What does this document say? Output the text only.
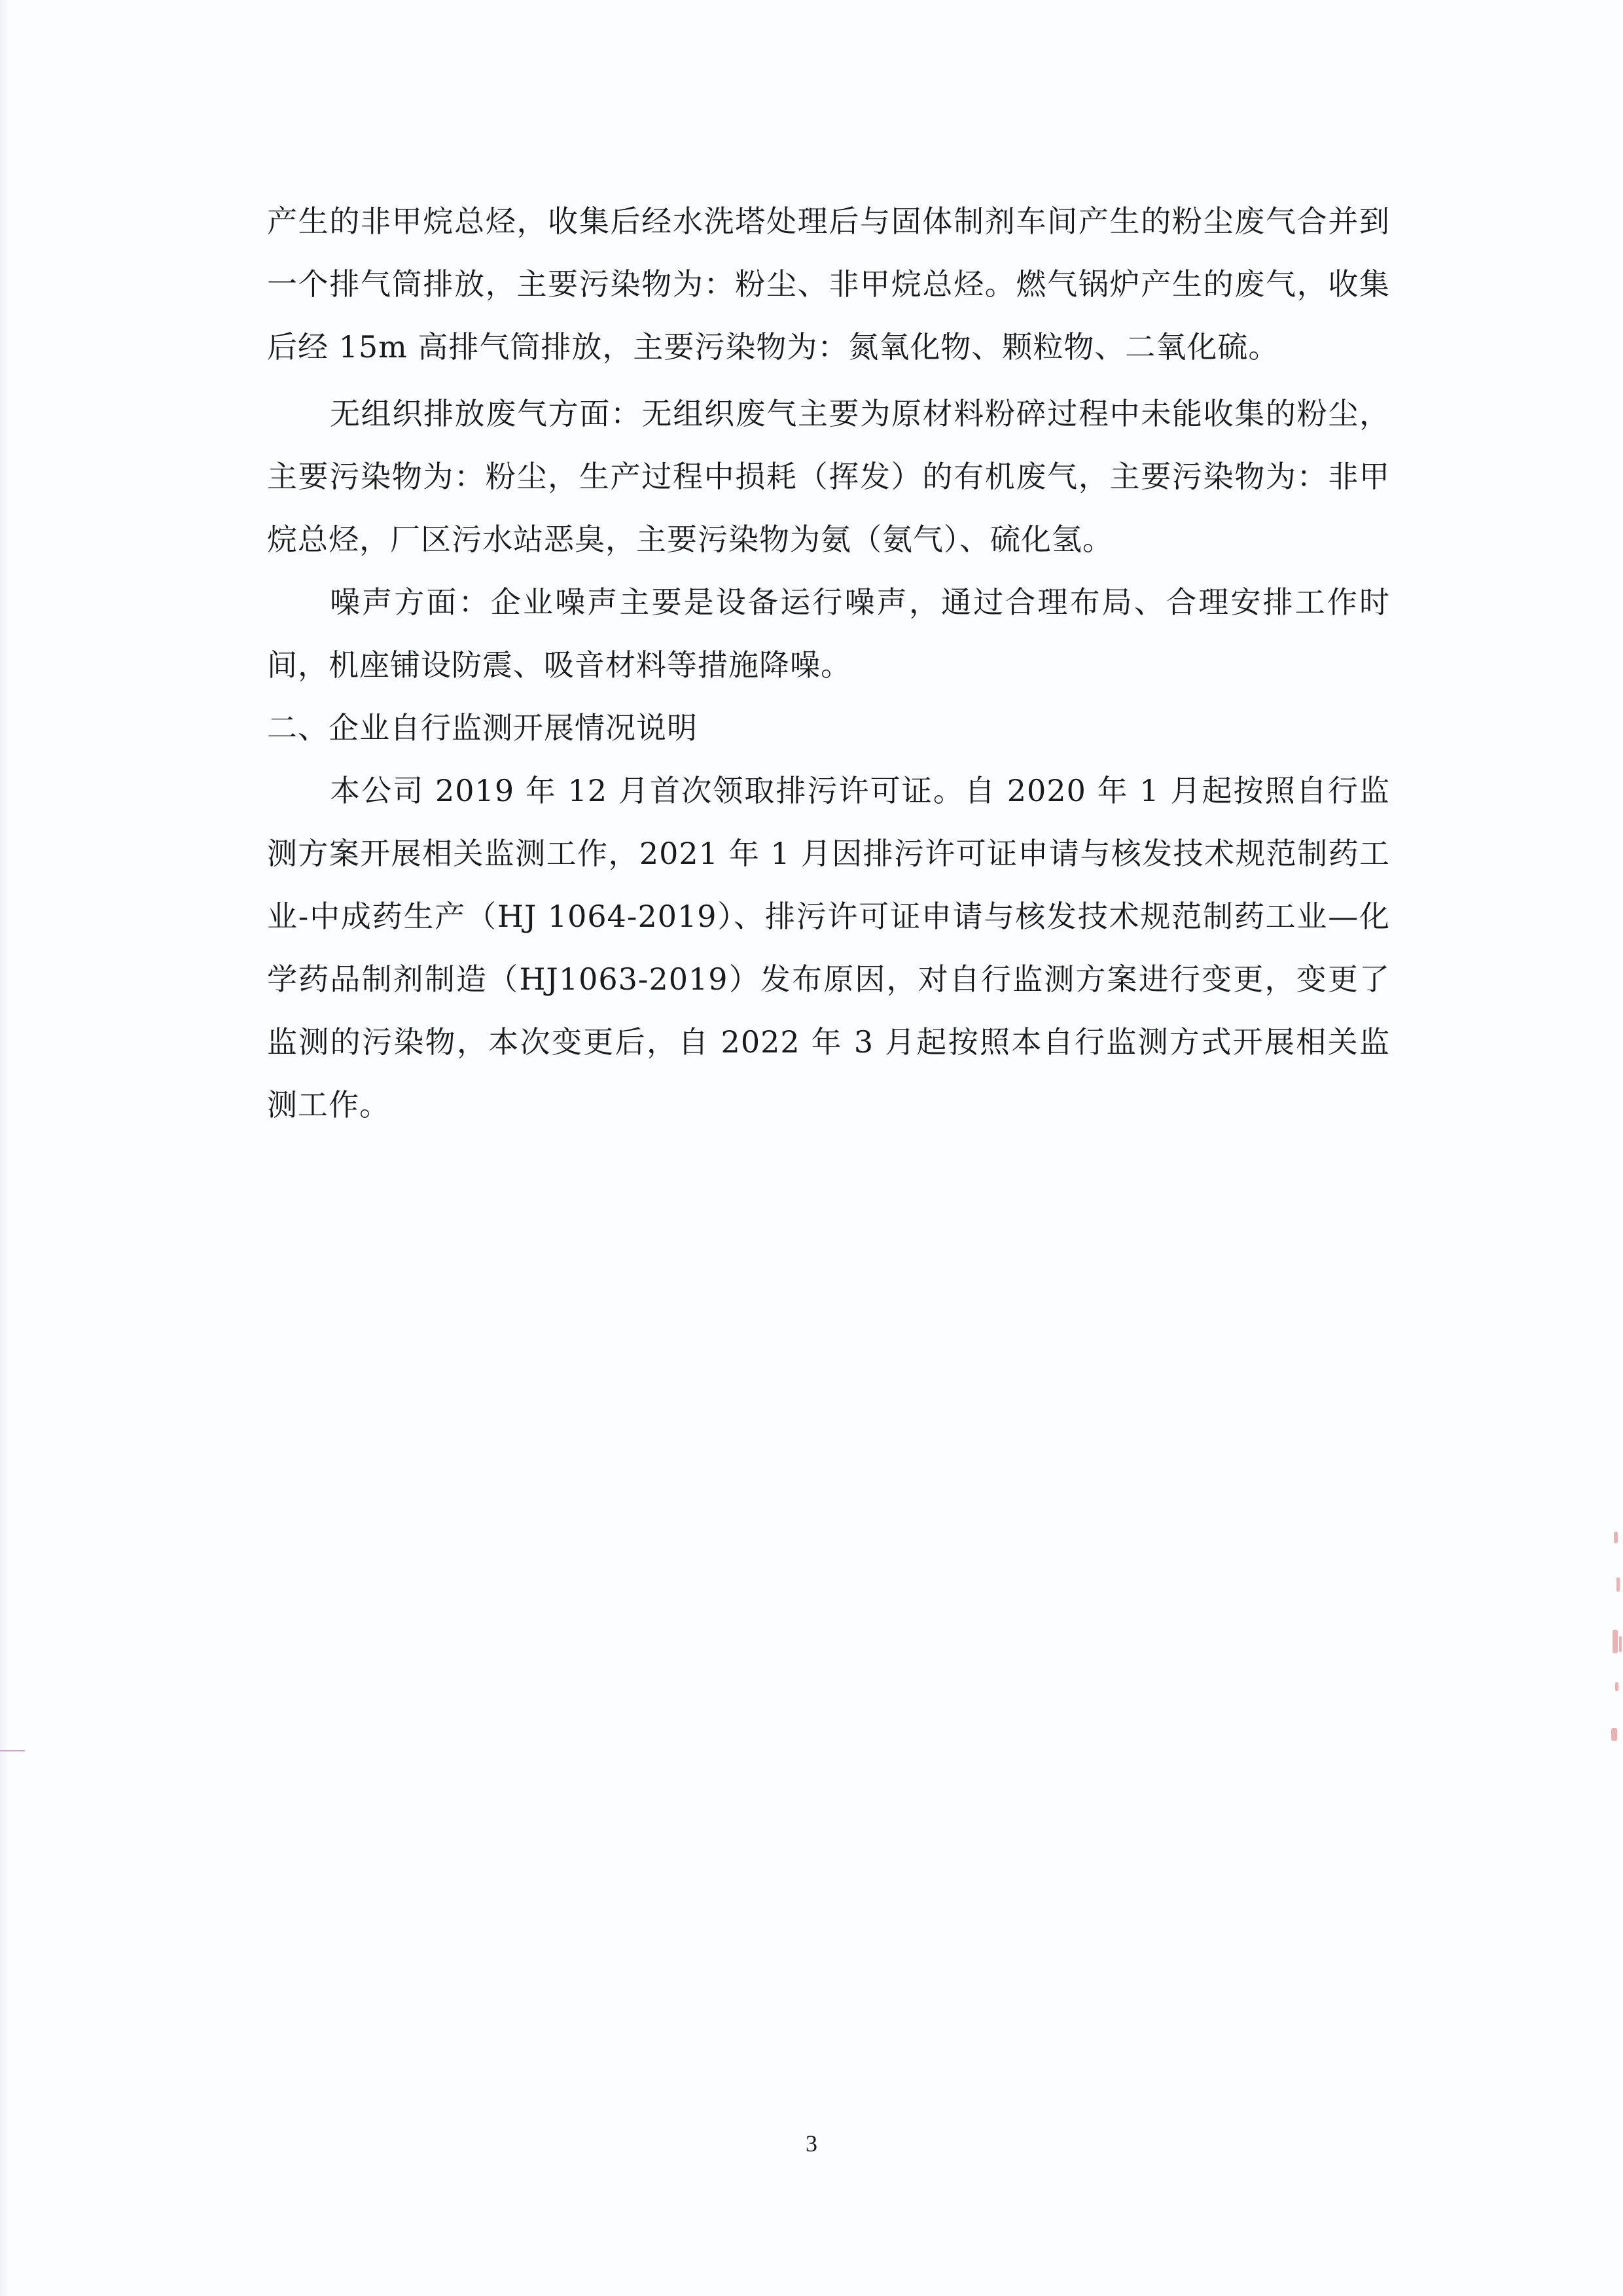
产生的非甲烷总烃，收集后经水洗塔处理后与固体制剂车间产生的粉尘废气合并到一个排气筒排放，主要污染物为：粉尘、非甲烷总烃。燃气锅炉产生的废气，收集后经 15m 高排气筒排放，主要污染物为：氮氧化物、颗粒物、二氧化硫。

无组织排放废气方面：无组织废气主要为原材料粉碎过程中未能收集的粉尘，主要污染物为：粉尘，生产过程中损耗（挥发）的有机废气，主要污染物为：非甲烷总烃，厂区污水站恶臭，主要污染物为氨（氨气）、硫化氢。

噪声方面：企业噪声主要是设备运行噪声，通过合理布局、合理安排工作时间，机座铺设防震、吸音材料等措施降噪。

二、企业自行监测开展情况说明

本公司 2019 年 12 月首次领取排污许可证。自 2020 年 1 月起按照自行监测方案开展相关监测工作，2021 年 1 月因排污许可证申请与核发技术规范制药工业-中成药生产（HJ 1064-2019）、排污许可证申请与核发技术规范制药工业—化学药品制剂制造（HJ1063-2019）发布原因，对自行监测方案进行变更，变更了监测的污染物，本次变更后，自 2022 年 3 月起按照本自行监测方式开展相关监测工作。

3
